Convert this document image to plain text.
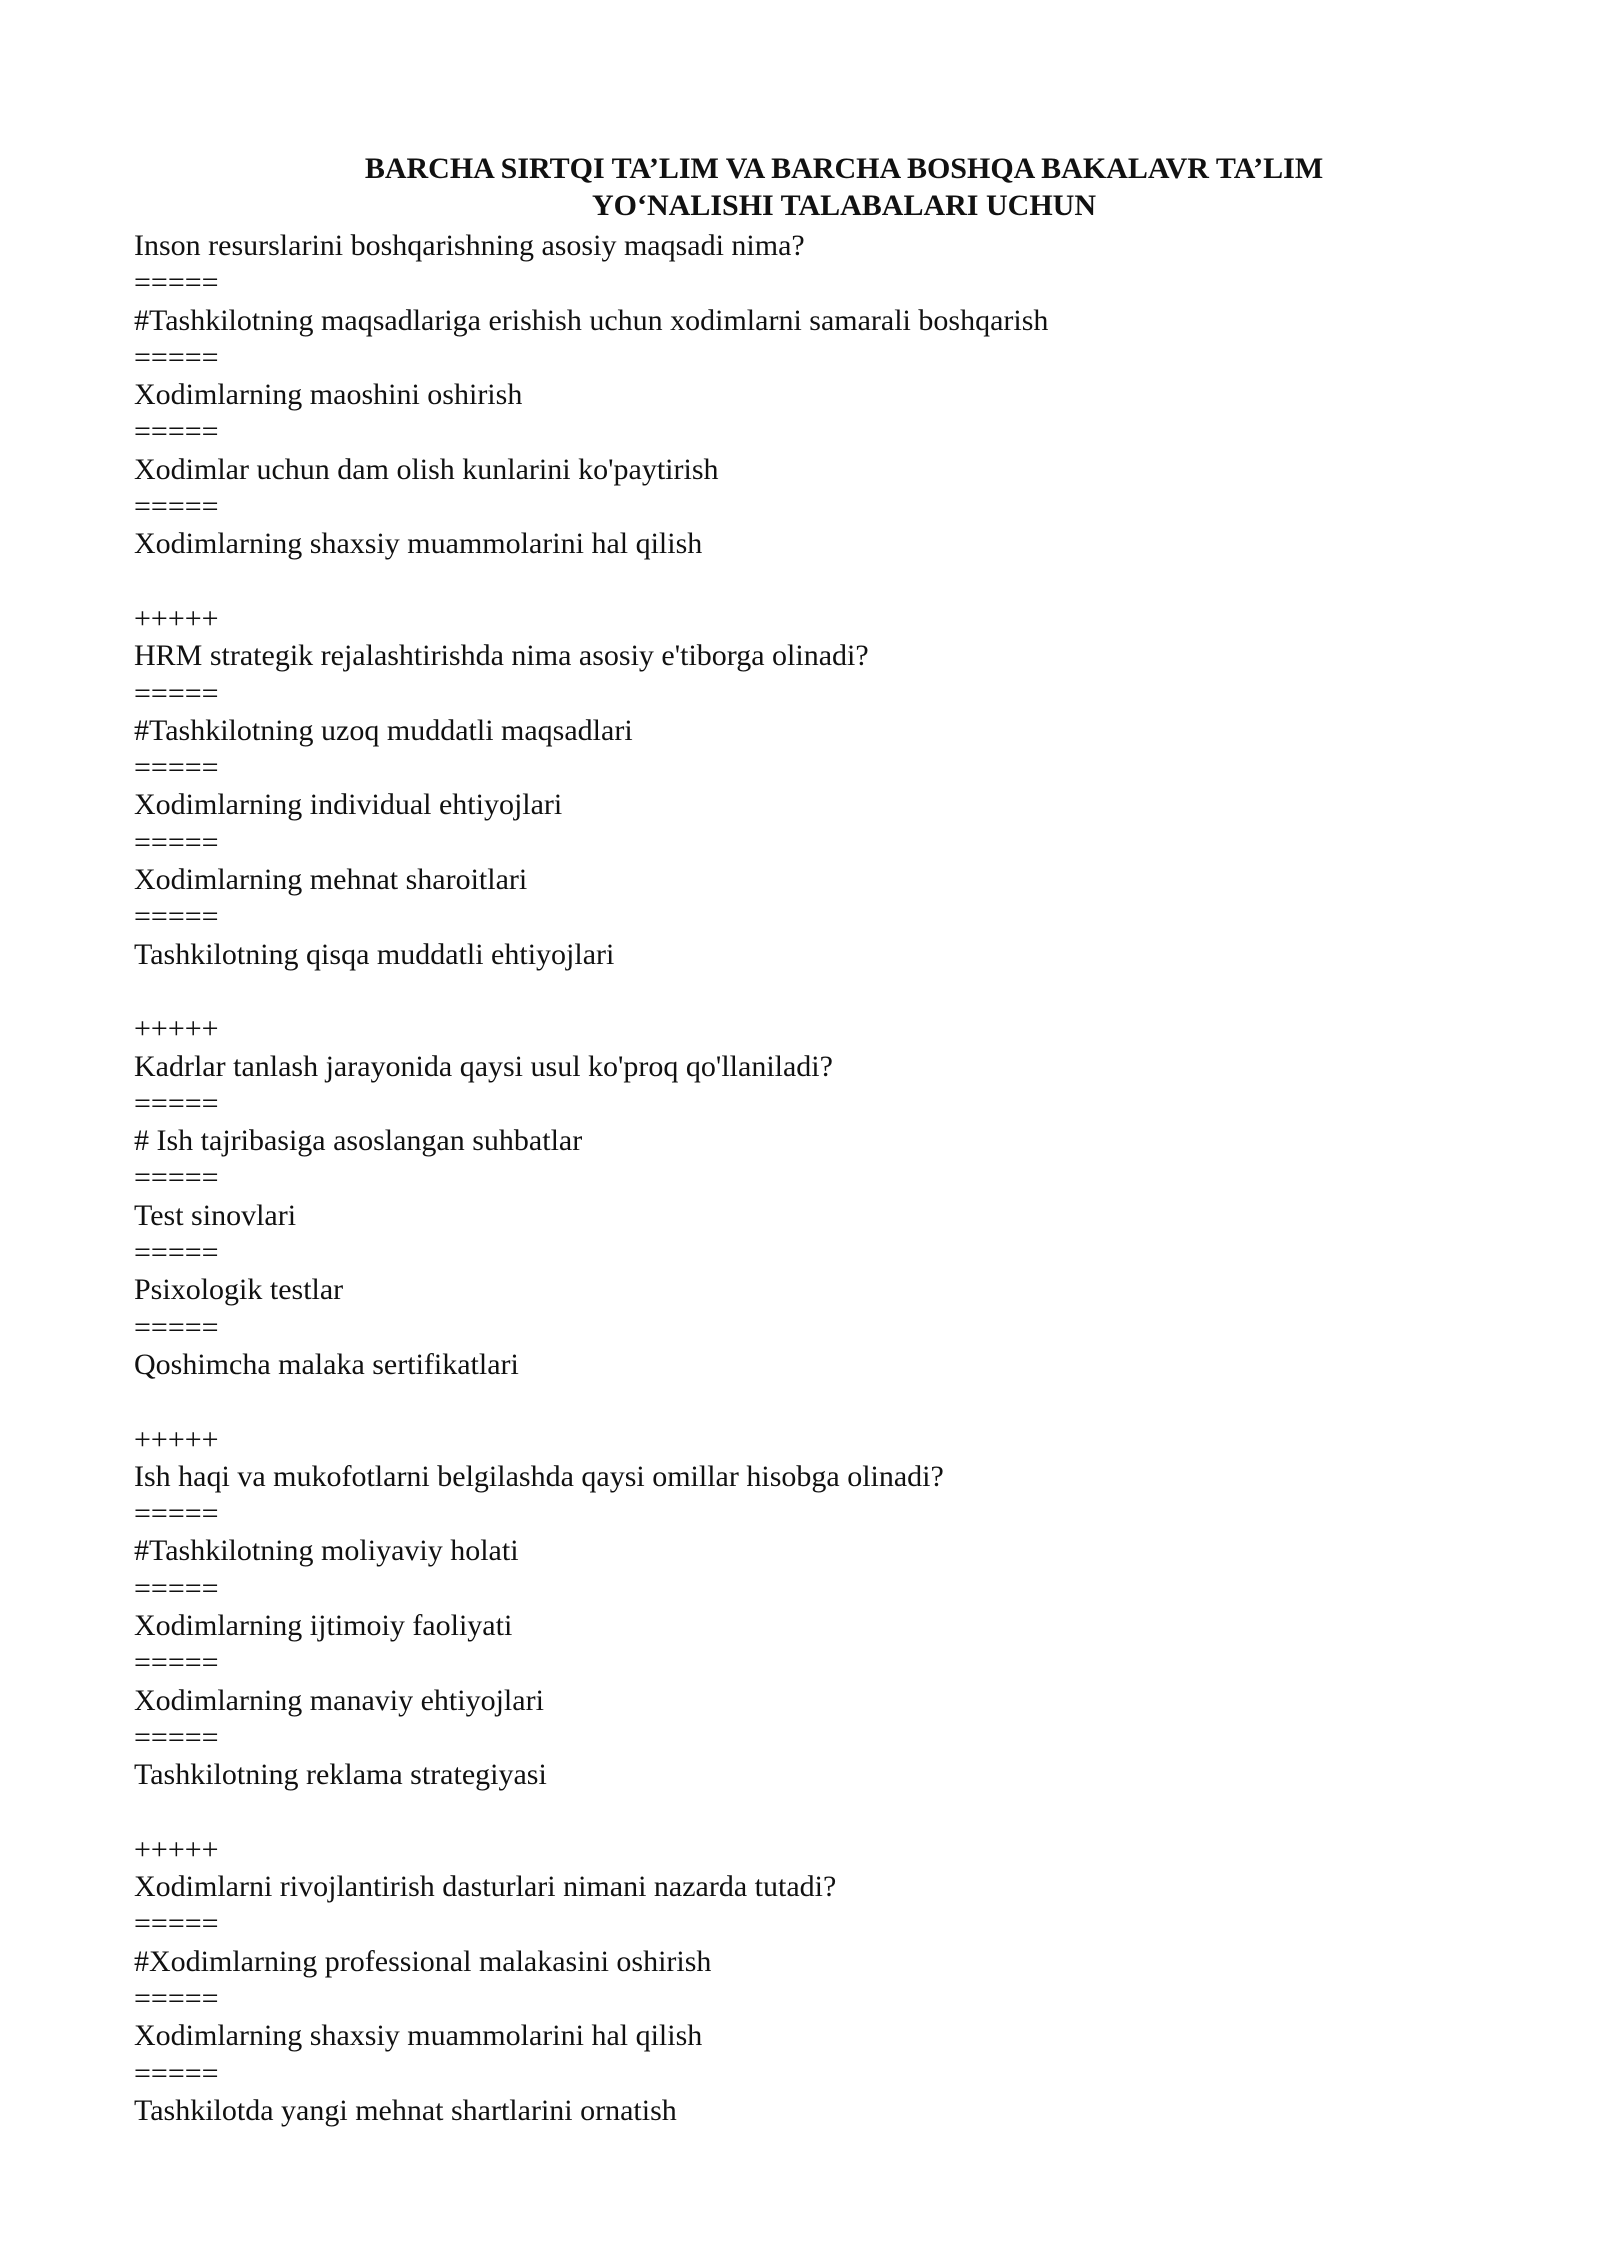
BARCHA SIRTQI TA’LIM VA BARCHA BOSHQA BAKALAVR TA’LIM
YO‘NALISHI TALABALARI UCHUN
Inson resurslarini boshqarishning asosiy maqsadi nima?
=====
#Tashkilotning maqsadlariga erishish uchun xodimlarni samarali boshqarish
=====
Xodimlarning maoshini oshirish
=====
Xodimlar uchun dam olish kunlarini ko'paytirish
=====
Xodimlarning shaxsiy muammolarini hal qilish
+++++
HRM strategik rejalashtirishda nima asosiy e'tiborga olinadi?
=====
#Tashkilotning uzoq muddatli maqsadlari
=====
Xodimlarning individual ehtiyojlari
=====
Xodimlarning mehnat sharoitlari
=====
Tashkilotning qisqa muddatli ehtiyojlari
+++++
Kadrlar tanlash jarayonida qaysi usul ko'proq qo'llaniladi?
=====
# Ish tajribasiga asoslangan suhbatlar
=====
Test sinovlari
=====
Psixologik testlar
=====
Qoshimcha malaka sertifikatlari
+++++
Ish haqi va mukofotlarni belgilashda qaysi omillar hisobga olinadi?
=====
#Tashkilotning moliyaviy holati
=====
Xodimlarning ijtimoiy faoliyati
=====
Xodimlarning manaviy ehtiyojlari
=====
Tashkilotning reklama strategiyasi
+++++
Xodimlarni rivojlantirish dasturlari nimani nazarda tutadi?
=====
#Xodimlarning professional malakasini oshirish
=====
Xodimlarning shaxsiy muammolarini hal qilish
=====
Tashkilotda yangi mehnat shartlarini ornatish
